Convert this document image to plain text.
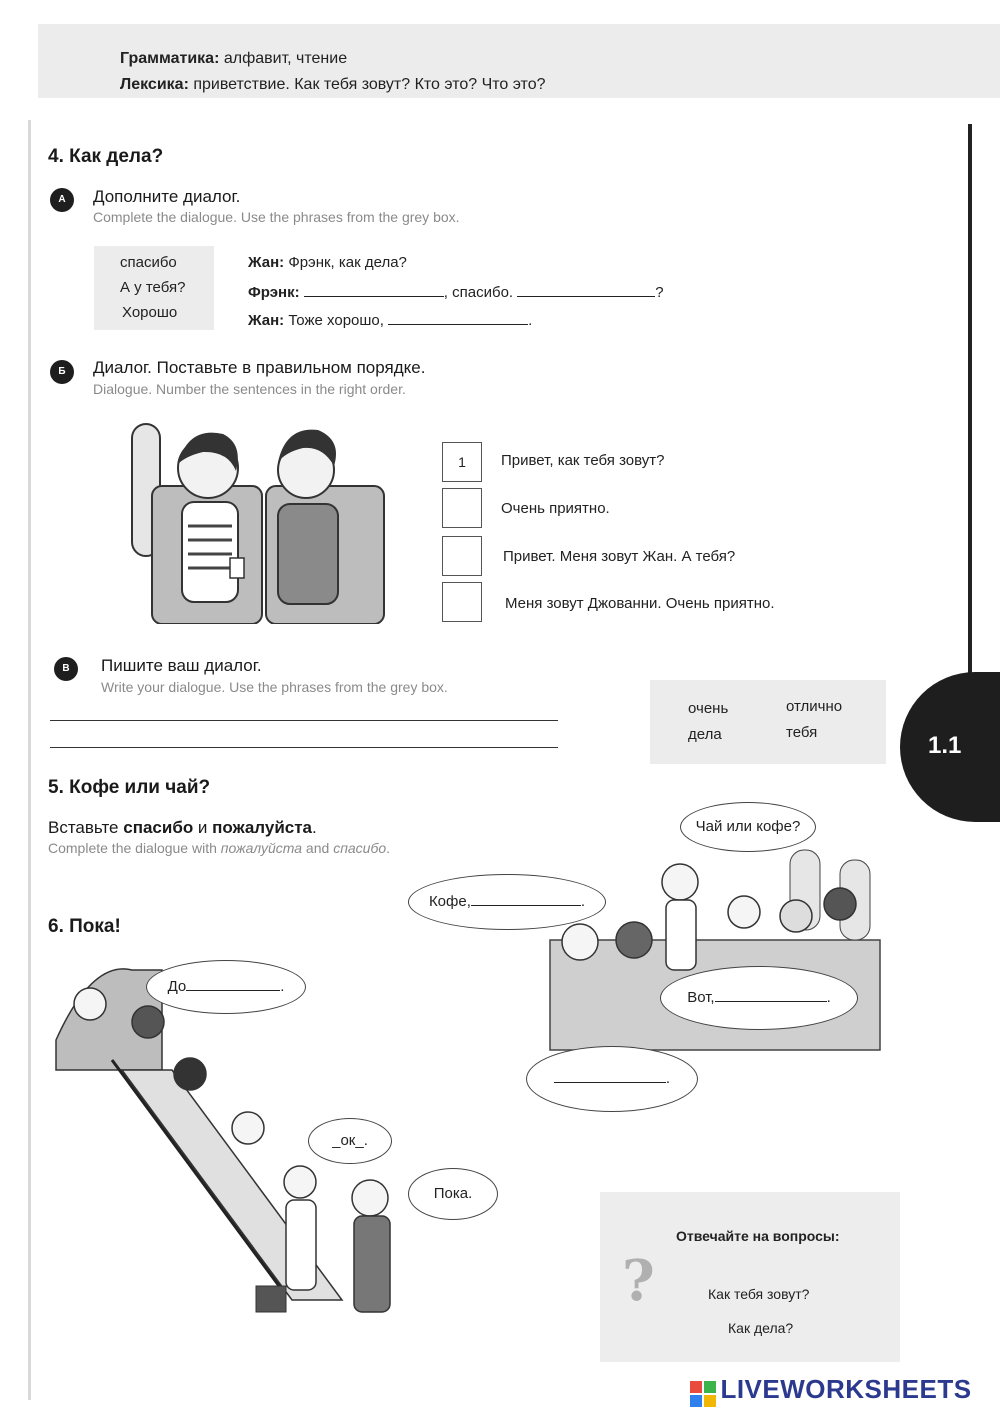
Грамматика: алфавит, чтение
Лексика: приветствие. Как тебя зовут? Кто это? Что это?
4. Как дела?
А	Дополните диалог.
Complete the dialogue. Use the phrases from the grey box.
спасибо
А у тебя?
Хорошо
Жан: Фрэнк, как дела?
Фрэнк:	, спасибо.	?
Жан: Тоже хорошо,	.
Б	Диалог. Поставьте в правильном порядке.
Dialogue. Number the sentences in the right order.
1	Привет, как тебя зовут?
Очень приятно.
Привет. Меня зовут Жан. А тебя?
Меня зовут Джованни. Очень приятно.
В	Пишите ваш диалог.
Write your dialogue. Use the phrases from the grey box.
очень	отлично
дела	тебя	1.1
5. Кофе или чай?
Вставьте спасибо и пожалуйста.
Complete the dialogue with пожалуйста and спасибо.
Чай или кофе?
Кофе,	.
Вот,	.
.
6. Пока!
До	.
_ок_.
Пока.
Отвечайте на вопросы:
?	Как тебя зовут?
Как дела?
LIVEWORKSHEETS
